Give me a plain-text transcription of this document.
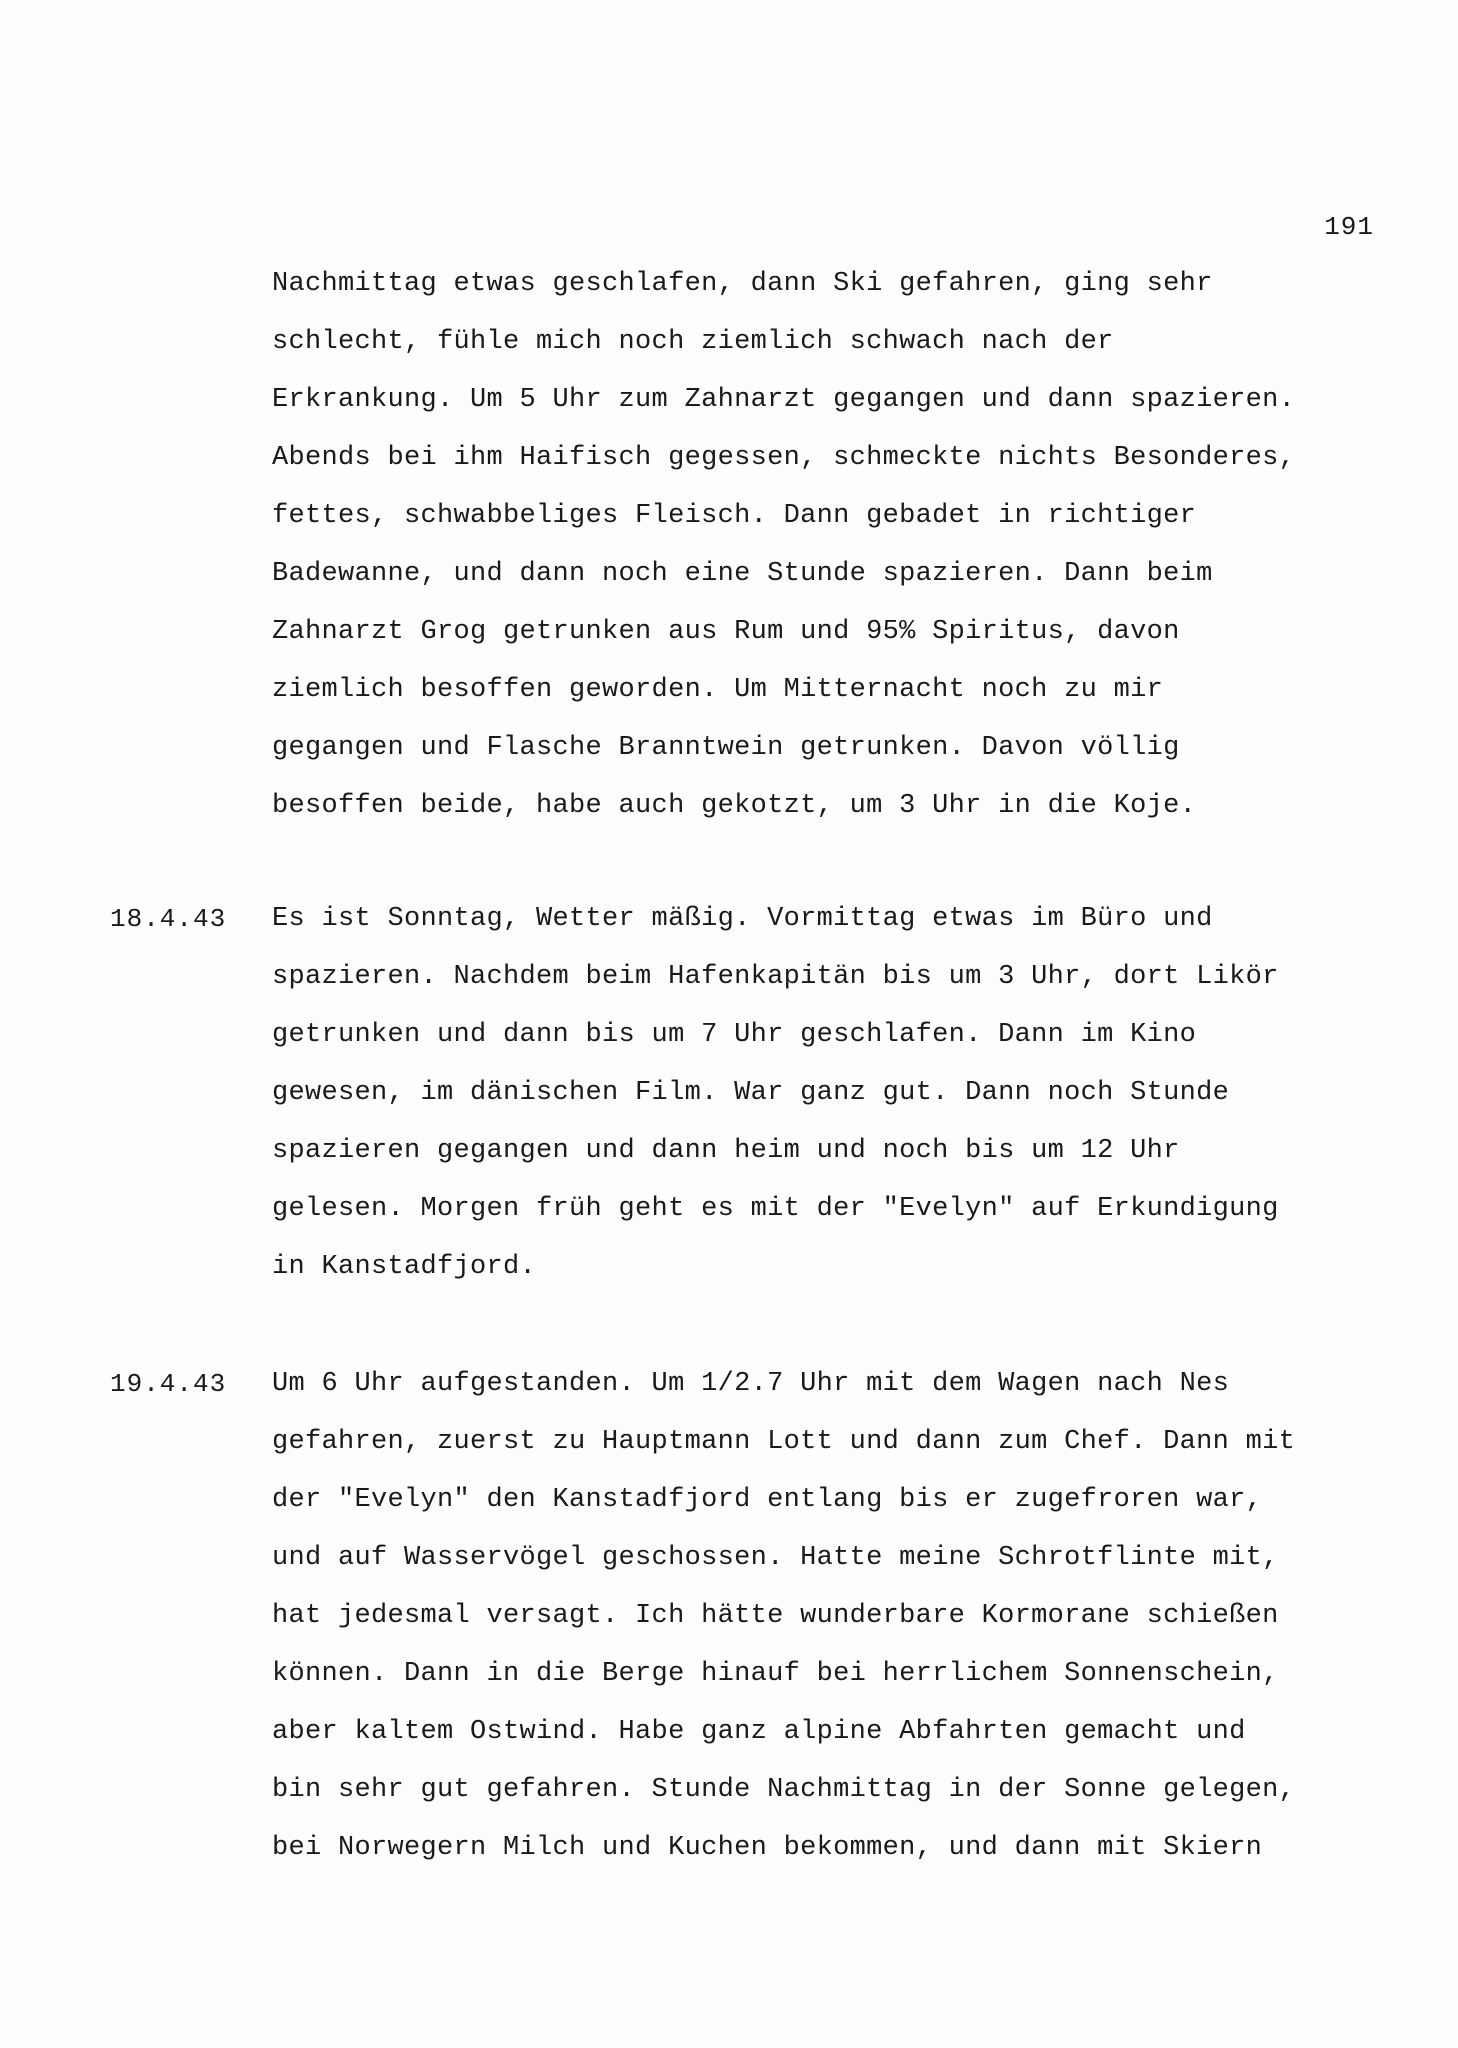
191
Nachmittag etwas geschlafen, dann Ski gefahren, ging sehr
schlecht, fühle mich noch ziemlich schwach nach der
Erkrankung. Um 5 Uhr zum Zahnarzt gegangen und dann spazieren.
Abends bei ihm Haifisch gegessen, schmeckte nichts Besonderes,
fettes, schwabbeliges Fleisch. Dann gebadet in richtiger
Badewanne, und dann noch eine Stunde spazieren. Dann beim
Zahnarzt Grog getrunken aus Rum und 95% Spiritus, davon
ziemlich besoffen geworden. Um Mitternacht noch zu mir
gegangen und Flasche Branntwein getrunken. Davon völlig
besoffen beide, habe auch gekotzt, um 3 Uhr in die Koje.
18.4.43	Es ist Sonntag, Wetter mäßig. Vormittag etwas im Büro und
spazieren. Nachdem beim Hafenkapitän bis um 3 Uhr, dort Likör
getrunken und dann bis um 7 Uhr geschlafen. Dann im Kino
gewesen, im dänischen Film. War ganz gut. Dann noch Stunde
spazieren gegangen und dann heim und noch bis um 12 Uhr
gelesen. Morgen früh geht es mit der "Evelyn" auf Erkundigung
in Kanstadfjord.
19.4.43	Um 6 Uhr aufgestanden. Um 1/2.7 Uhr mit dem Wagen nach Nes
gefahren, zuerst zu Hauptmann Lott und dann zum Chef. Dann mit
der "Evelyn" den Kanstadfjord entlang bis er zugefroren war,
und auf Wasservögel geschossen. Hatte meine Schrotflinte mit,
hat jedesmal versagt. Ich hätte wunderbare Kormorane schießen
können. Dann in die Berge hinauf bei herrlichem Sonnenschein,
aber kaltem Ostwind. Habe ganz alpine Abfahrten gemacht und
bin sehr gut gefahren. Stunde Nachmittag in der Sonne gelegen,
bei Norwegern Milch und Kuchen bekommen, und dann mit Skiern
